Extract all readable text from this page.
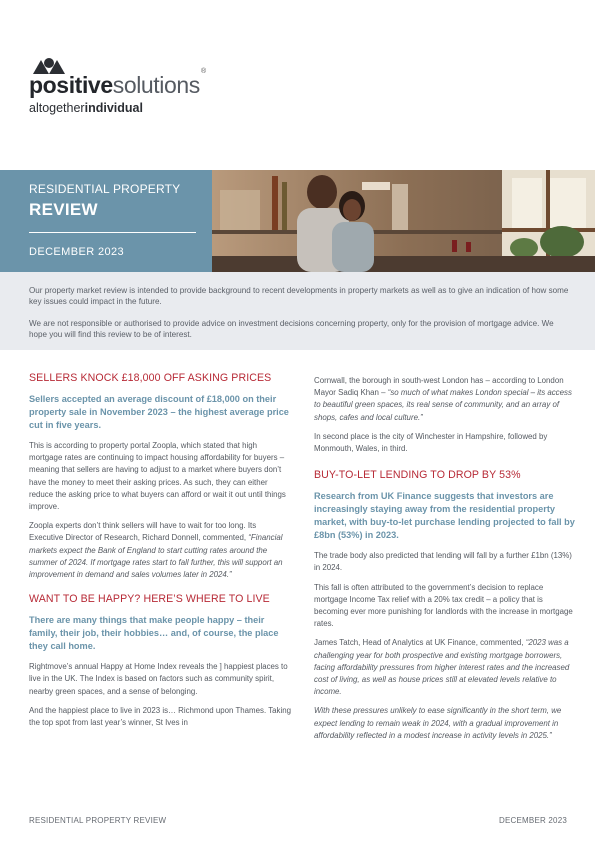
positivesolutions
®
altogetherindividual
RESIDENTIAL PROPERTY
REVIEW
DECEMBER 2023

Our property market review is intended to provide background to recent developments in property markets as well as to give an indication of how some key issues could impact in the future.

We are not responsible or authorised to provide advice on investment decisions concerning property, only for the provision of mortgage advice. We hope you will find this review to be of interest.

SELLERS KNOCK £18,000 OFF ASKING PRICES

Sellers accepted an average discount of £18,000 on their property sale in November 2023 – the highest average price cut in five years.

This is according to property portal Zoopla, which stated that high mortgage rates are continuing to impact housing affordability for buyers – meaning that sellers are having to adjust to a market where buyers don’t have the money to meet their asking prices. As such, they can either reduce the asking price to what buyers can afford or wait it out until things improve.

Zoopla experts don’t think sellers will have to wait for too long. Its Executive Director of Research, Richard Donnell, commented, “Financial markets expect the Bank of England to start cutting rates around the summer of 2024. If mortgage rates start to fall further, this will support an improvement in demand and sales volumes later in 2024.”

WANT TO BE HAPPY? HERE’S WHERE TO LIVE

There are many things that make people happy – their family, their job, their hobbies… and, of course, the place they call home.

Rightmove’s annual Happy at Home Index reveals the ] happiest places to live in the UK. The Index is based on factors such as community spirit, nearby green spaces, and a sense of belonging.

And the happiest place to live in 2023 is… Richmond upon Thames. Taking the top spot from last year’s winner, St Ives in

Cornwall, the borough in south-west London has – according to London Mayor Sadiq Khan – “so much of what makes London special – its access to beautiful green spaces, its real sense of community, and an array of shops, cafes and local culture.”

In second place is the city of Winchester in Hampshire, followed by Monmouth, Wales, in third.

BUY-TO-LET LENDING TO DROP BY 53%

Research from UK Finance suggests that investors are increasingly staying away from the residential property market, with buy-to-let purchase lending projected to fall by £8bn (53%) in 2023.

The trade body also predicted that lending will fall by a further £1bn (13%) in 2024.

This fall is often attributed to the government’s decision to replace mortgage Income Tax relief with a 20% tax credit – a policy that is becoming ever more punishing for landlords with the increase in mortgage rates.

James Tatch, Head of Analytics at UK Finance, commented, “2023 was a challenging year for both prospective and existing mortgage borrowers, facing affordability pressures from higher interest rates and the increased cost of living, as well as house prices still at elevated levels relative to income.

With these pressures unlikely to ease significantly in the short term, we expect lending to remain weak in 2024, with a gradual improvement in affordability reflected in a modest increase in activity levels in 2025.”

RESIDENTIAL PROPERTY REVIEW	DECEMBER 2023
